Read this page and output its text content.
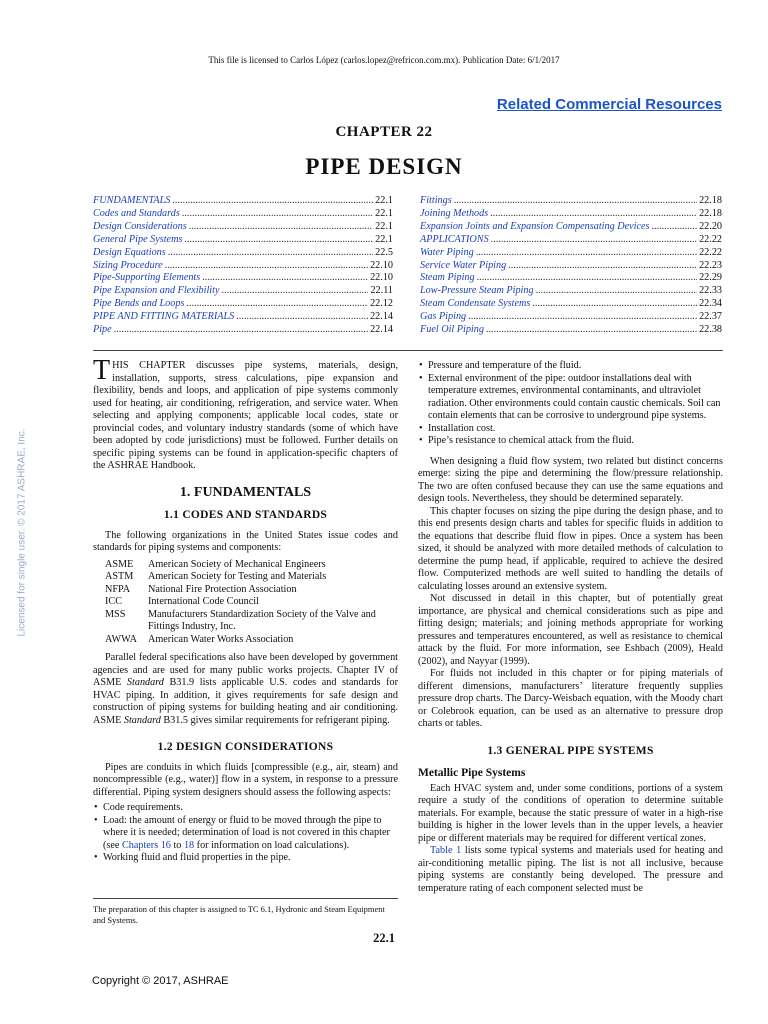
This file is licensed to Carlos López (carlos.lopez@refricon.com.mx). Publication Date: 6/1/2017
Related Commercial Resources
CHAPTER 22
PIPE DESIGN
FUNDAMENTALS .....	22.1
Codes and Standards .....	22.1
Design Considerations .....	22.1
General Pipe Systems .....	22.1
Design Equations .....	22.5
Sizing Procedure .....	22.10
Pipe-Supporting Elements .....	22.10
Pipe Expansion and Flexibility .....	22.11
Pipe Bends and Loops .....	22.12
PIPE AND FITTING MATERIALS .....	22.14
Pipe .....	22.14
Fittings .....	22.18
Joining Methods .....	22.18
Expansion Joints and Expansion Compensating Devices .....	22.20
APPLICATIONS .....	22.22
Water Piping .....	22.22
Service Water Piping .....	22.23
Steam Piping .....	22.29
Low-Pressure Steam Piping .....	22.33
Steam Condensate Systems .....	22.34
Gas Piping .....	22.37
Fuel Oil Piping .....	22.38
Licensed for single user. © 2017 ASHRAE, Inc.

THIS CHAPTER discusses pipe systems, materials, design, installation, supports, stress calculations, pipe expansion and flexibility, bends and loops, and application of pipe systems commonly used for heating, air conditioning, refrigeration, and service water. When selecting and applying components; applicable local codes, state or provincial codes, and voluntary industry standards (some of which have been adopted by code jurisdictions) must be followed. Further details on specific piping systems can be found in application-specific chapters of the ASHRAE Handbook.

1. FUNDAMENTALS
1.1 CODES AND STANDARDS

The following organizations in the United States issue codes and standards for piping systems and components:

ASME	American Society of Mechanical Engineers
ASTM	American Society for Testing and Materials
NFPA	National Fire Protection Association
ICC	International Code Council
MSS	Manufacturers Standardization Society of the Valve and Fittings Industry, Inc.
AWWA	American Water Works Association

Parallel federal specifications also have been developed by government agencies and are used for many public works projects. Chapter IV of ASME Standard B31.9 lists applicable U.S. codes and standards for HVAC piping. In addition, it gives requirements for safe design and construction of piping systems for building heating and air conditioning. ASME Standard B31.5 gives similar requirements for refrigerant piping.

1.2 DESIGN CONSIDERATIONS

Pipes are conduits in which fluids [compressible (e.g., air, steam) and noncompressible (e.g., water)] flow in a system, in response to a pressure differential. Piping system designers should assess the following aspects:

• Code requirements.
• Load: the amount of energy or fluid to be moved through the pipe to where it is needed; determination of load is not covered in this chapter (see Chapters 16 to 18 for information on load calculations).
• Working fluid and fluid properties in the pipe.
• Pressure and temperature of the fluid.
• External environment of the pipe: outdoor installations deal with temperature extremes, environmental contaminants, and ultraviolet radiation. Other environments could contain caustic chemicals. Soil can contain elements that can be corrosive to underground pipe systems.
• Installation cost.
• Pipe’s resistance to chemical attack from the fluid.

When designing a fluid flow system, two related but distinct concerns emerge: sizing the pipe and determining the flow/pressure relationship. The two are often confused because they can use the same equations and design tools. Nevertheless, they should be determined separately.

This chapter focuses on sizing the pipe during the design phase, and to this end presents design charts and tables for specific fluids in addition to the equations that describe fluid flow in pipes. Once a system has been sized, it should be analyzed with more detailed methods of calculation to determine the pump head, if applicable, required to achieve the desired flow. Computerized methods are well suited to handling the details of calculating losses around an extensive system.

Not discussed in detail in this chapter, but of potentially great importance, are physical and chemical considerations such as pipe and fitting design; materials; and joining methods appropriate for working pressures and temperatures encountered, as well as resistance to chemical attack by the fluid. For more information, see Eshbach (2009), Heald (2002), and Nayyar (1999).

For fluids not included in this chapter or for piping materials of different dimensions, manufacturers’ literature frequently supplies pressure drop charts. The Darcy-Weisbach equation, with the Moody chart or Colebrook equation, can be used as an alternative to pressure drop charts or tables.

1.3 GENERAL PIPE SYSTEMS
Metallic Pipe Systems

Each HVAC system and, under some conditions, portions of a system require a study of the conditions of operation to determine suitable materials. For example, because the static pressure of water in a high-rise building is higher in the lower levels than in the upper levels, a heavier pipe or different materials may be required for different vertical zones.

Table 1 lists some typical systems and materials used for heating and air-conditioning metallic piping. The list is not all inclusive, because piping systems are constantly being developed. The pressure and temperature rating of each component selected must be

The preparation of this chapter is assigned to TC 6.1, Hydronic and Steam Equipment and Systems.
22.1
Copyright © 2017, ASHRAE
